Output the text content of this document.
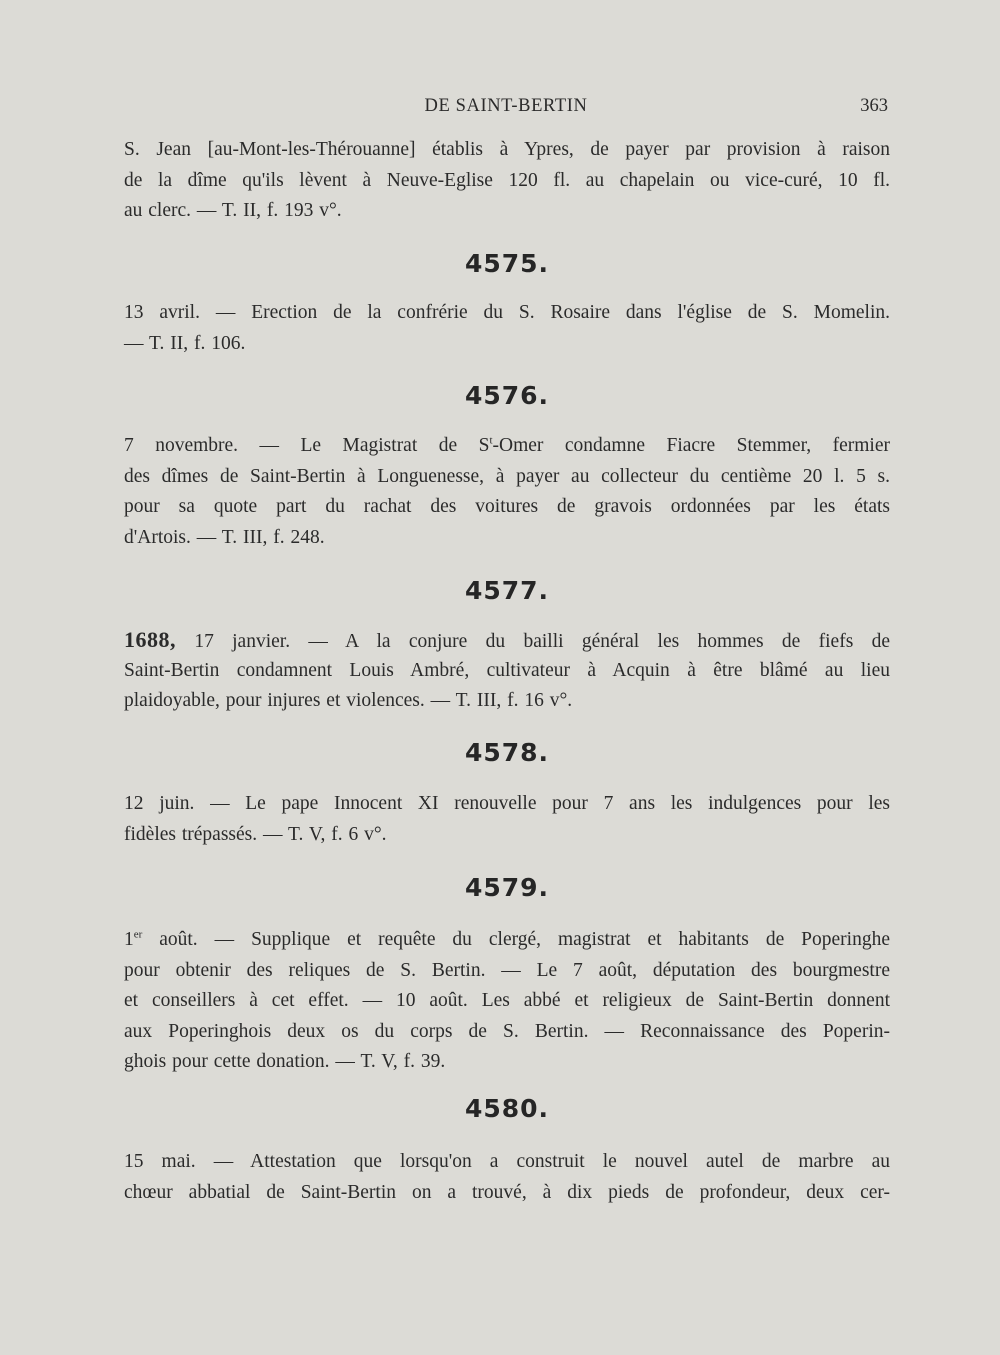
DE SAINT-BERTIN	363
S. Jean [au-Mont-les-Thérouanne] établis à Ypres, de payer par provision à raison
de la dîme qu'ils lèvent à Neuve-Eglise 120 fl. au chapelain ou vice-curé, 10 fl.
au clerc. — T. II, f. 193 v°.
4575.
13 avril. — Erection de la confrérie du S. Rosaire dans l'église de S. Momelin.
— T. II, f. 106.
4576.
7 novembre. — Le Magistrat de $S^t$-Omer condamne Fiacre Stemmer, fermier
des dîmes de Saint-Bertin à Longuenesse, à payer au collecteur du centième 20 l. 5 s.
pour sa quote part du rachat des voitures de gravois ordonnées par les états
d'Artois. — T. III, f. 248.
4577.
1688, 17 janvier. — A la conjure du bailli général les hommes de fiefs de
Saint-Bertin condamnent Louis Ambré, cultivateur à Acquin à être blâmé au lieu
plaidoyable, pour injures et violences. — T. III, f. 16 v°.
4578.
12 juin. — Le pape Innocent XI renouvelle pour 7 ans les indulgences pour les
fidèles trépassés. — T. V, f. 6 v°.
4579.
1er août. — Supplique et requête du clergé, magistrat et habitants de Poperinghe
pour obtenir des reliques de S. Bertin. — Le 7 août, députation des bourgmestre
et conseillers à cet effet. — 10 août. Les abbé et religieux de Saint-Bertin donnent
aux Poperinghois deux os du corps de S. Bertin. — Reconnaissance des Poperin-
ghois pour cette donation. — T. V, f. 39.
4580.
15 mai. — Attestation que lorsqu'on a construit le nouvel autel de marbre au
chœur abbatial de Saint-Bertin on a trouvé, à dix pieds de profondeur, deux cer-
